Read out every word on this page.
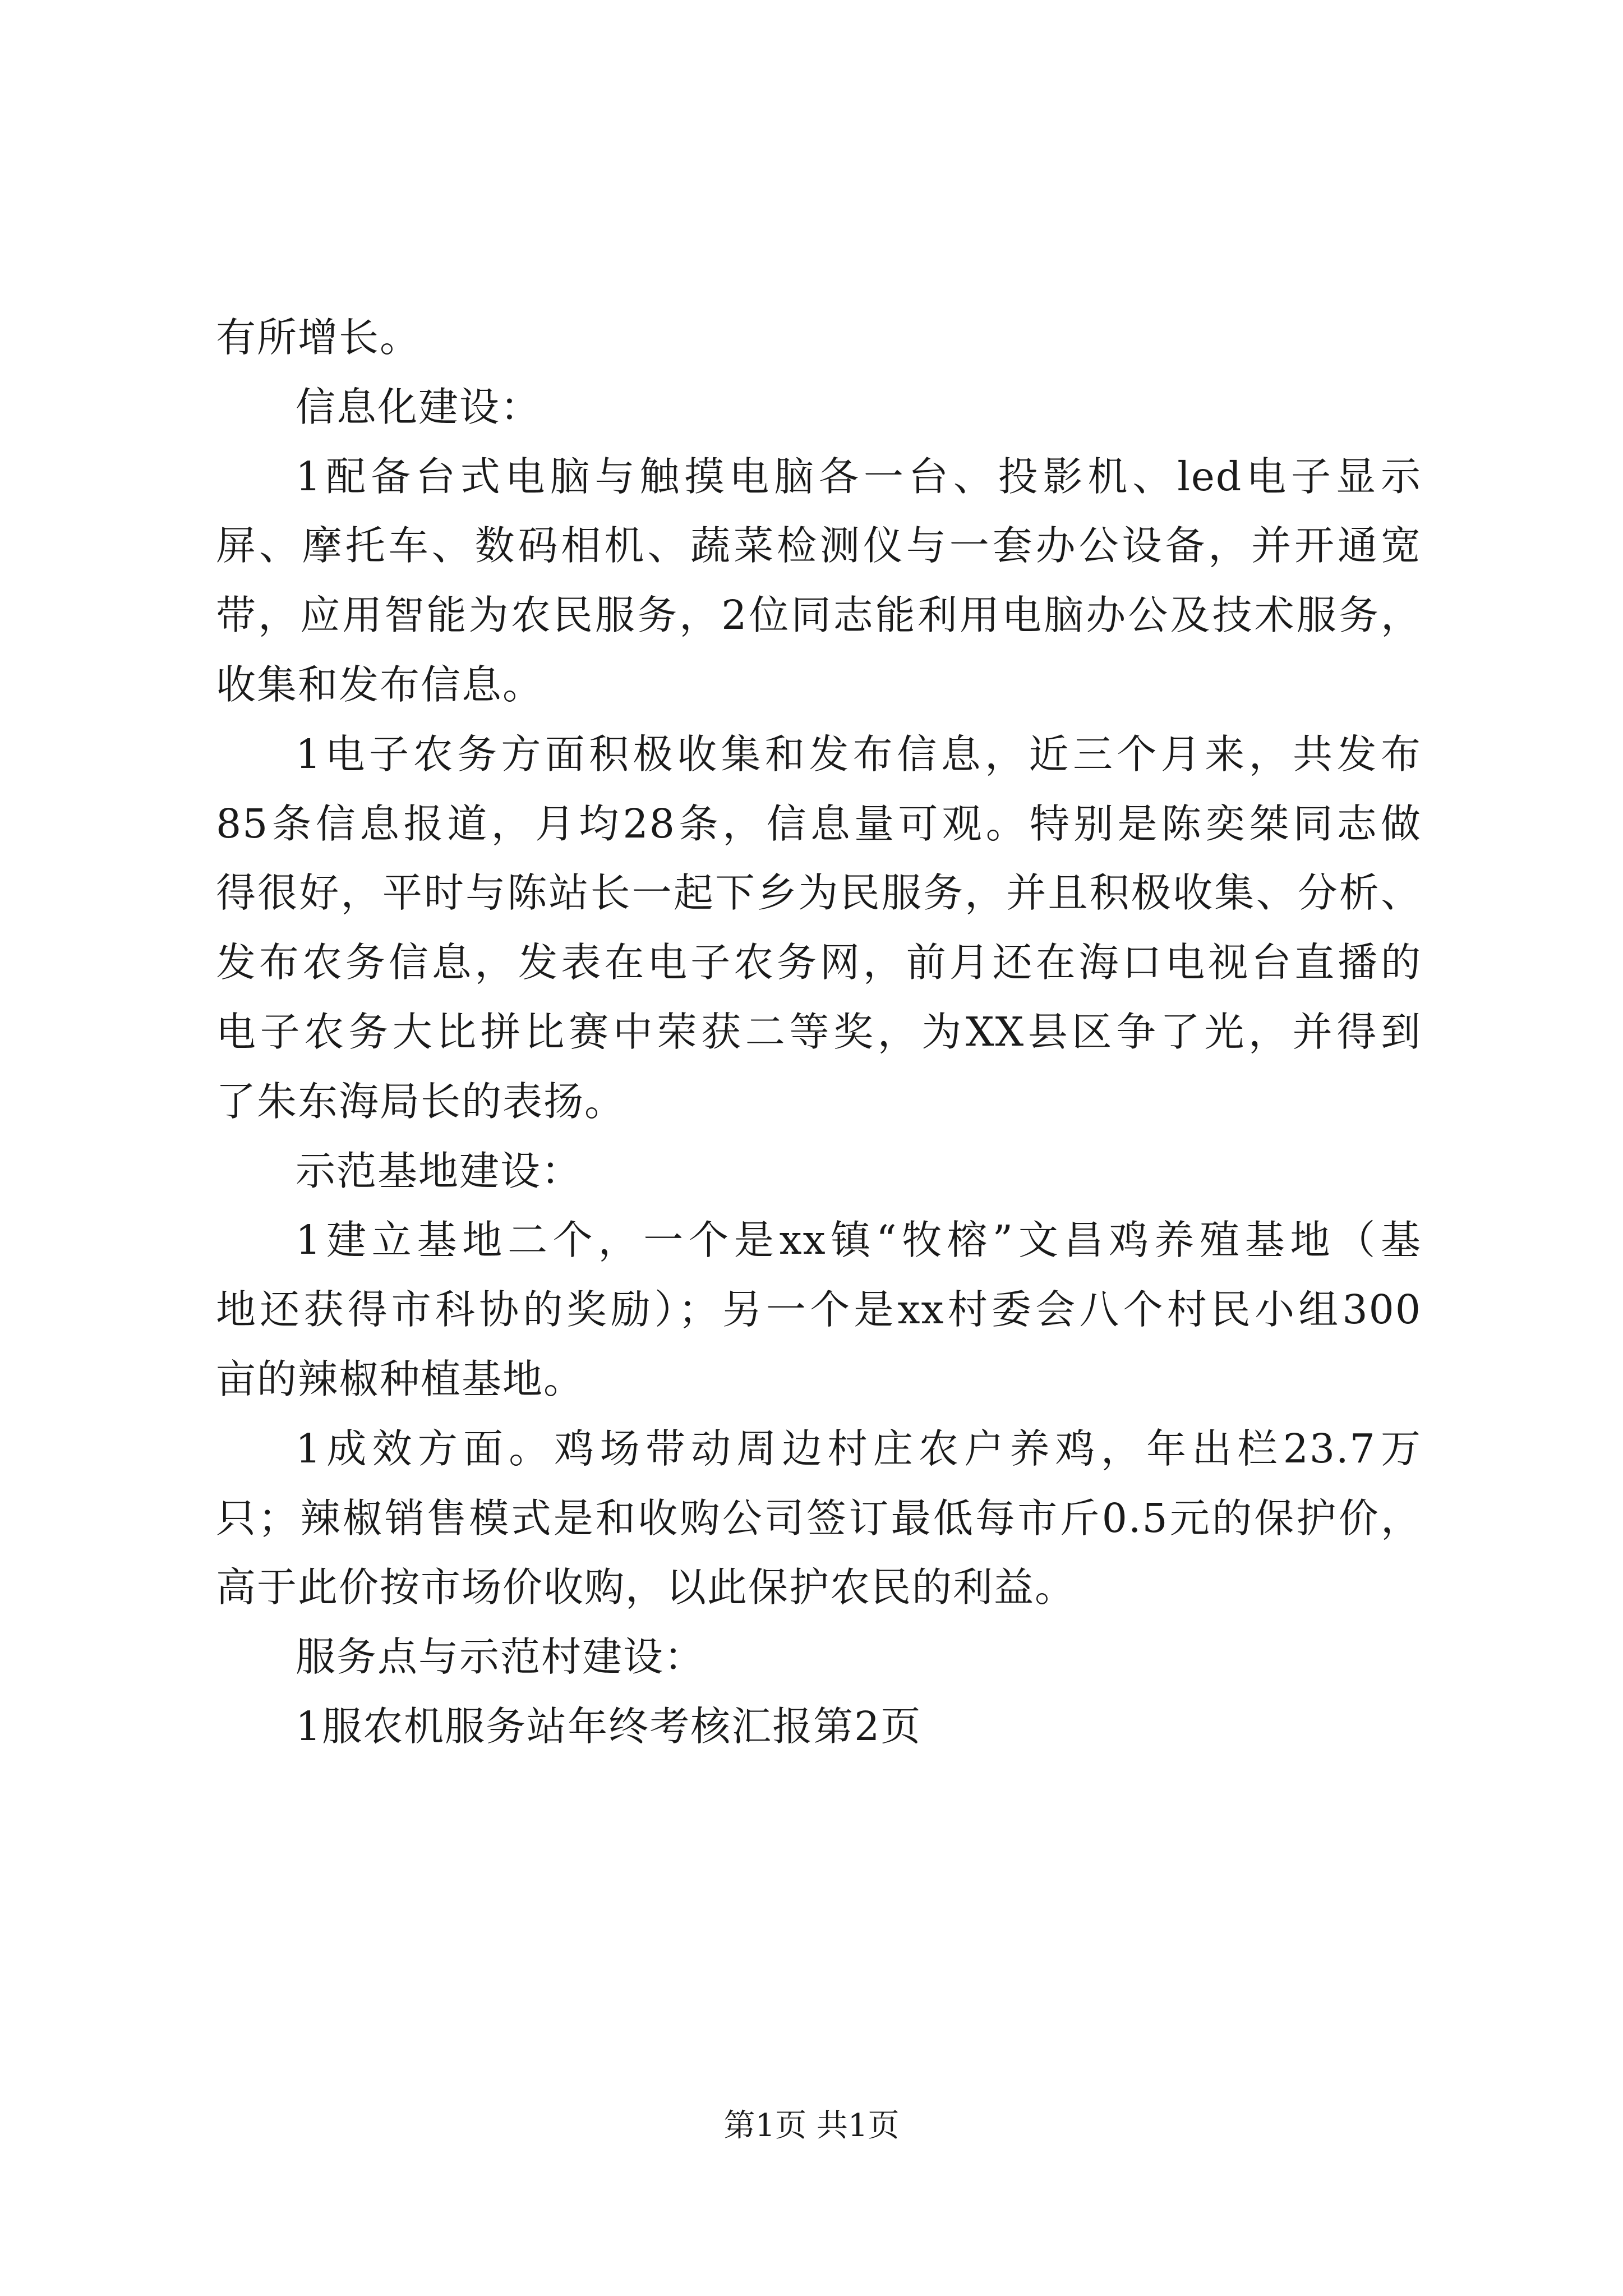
有所增长。
信息化建设：
1配备台式电脑与触摸电脑各一台、投影机、led电子显示
屏、摩托车、数码相机、蔬菜检测仪与一套办公设备，并开通宽
带，应用智能为农民服务，2位同志能利用电脑办公及技术服务，
收集和发布信息。
1电子农务方面积极收集和发布信息，近三个月来，共发布
85条信息报道，月均28条，信息量可观。特别是陈奕桀同志做
得很好，平时与陈站长一起下乡为民服务，并且积极收集、分析、
发布农务信息，发表在电子农务网，前月还在海口电视台直播的
电子农务大比拼比赛中荣获二等奖，为XX县区争了光，并得到
了朱东海局长的表扬。
示范基地建设：
1建立基地二个，一个是xx镇“牧榕”文昌鸡养殖基地（基
地还获得市科协的奖励）；另一个是xx村委会八个村民小组300
亩的辣椒种植基地。
1成效方面。鸡场带动周边村庄农户养鸡，年出栏23.7万
只；辣椒销售模式是和收购公司签订最低每市斤0.5元的保护价，
高于此价按市场价收购，以此保护农民的利益。
服务点与示范村建设：
1服农机服务站年终考核汇报第2页
第1页 共1页
